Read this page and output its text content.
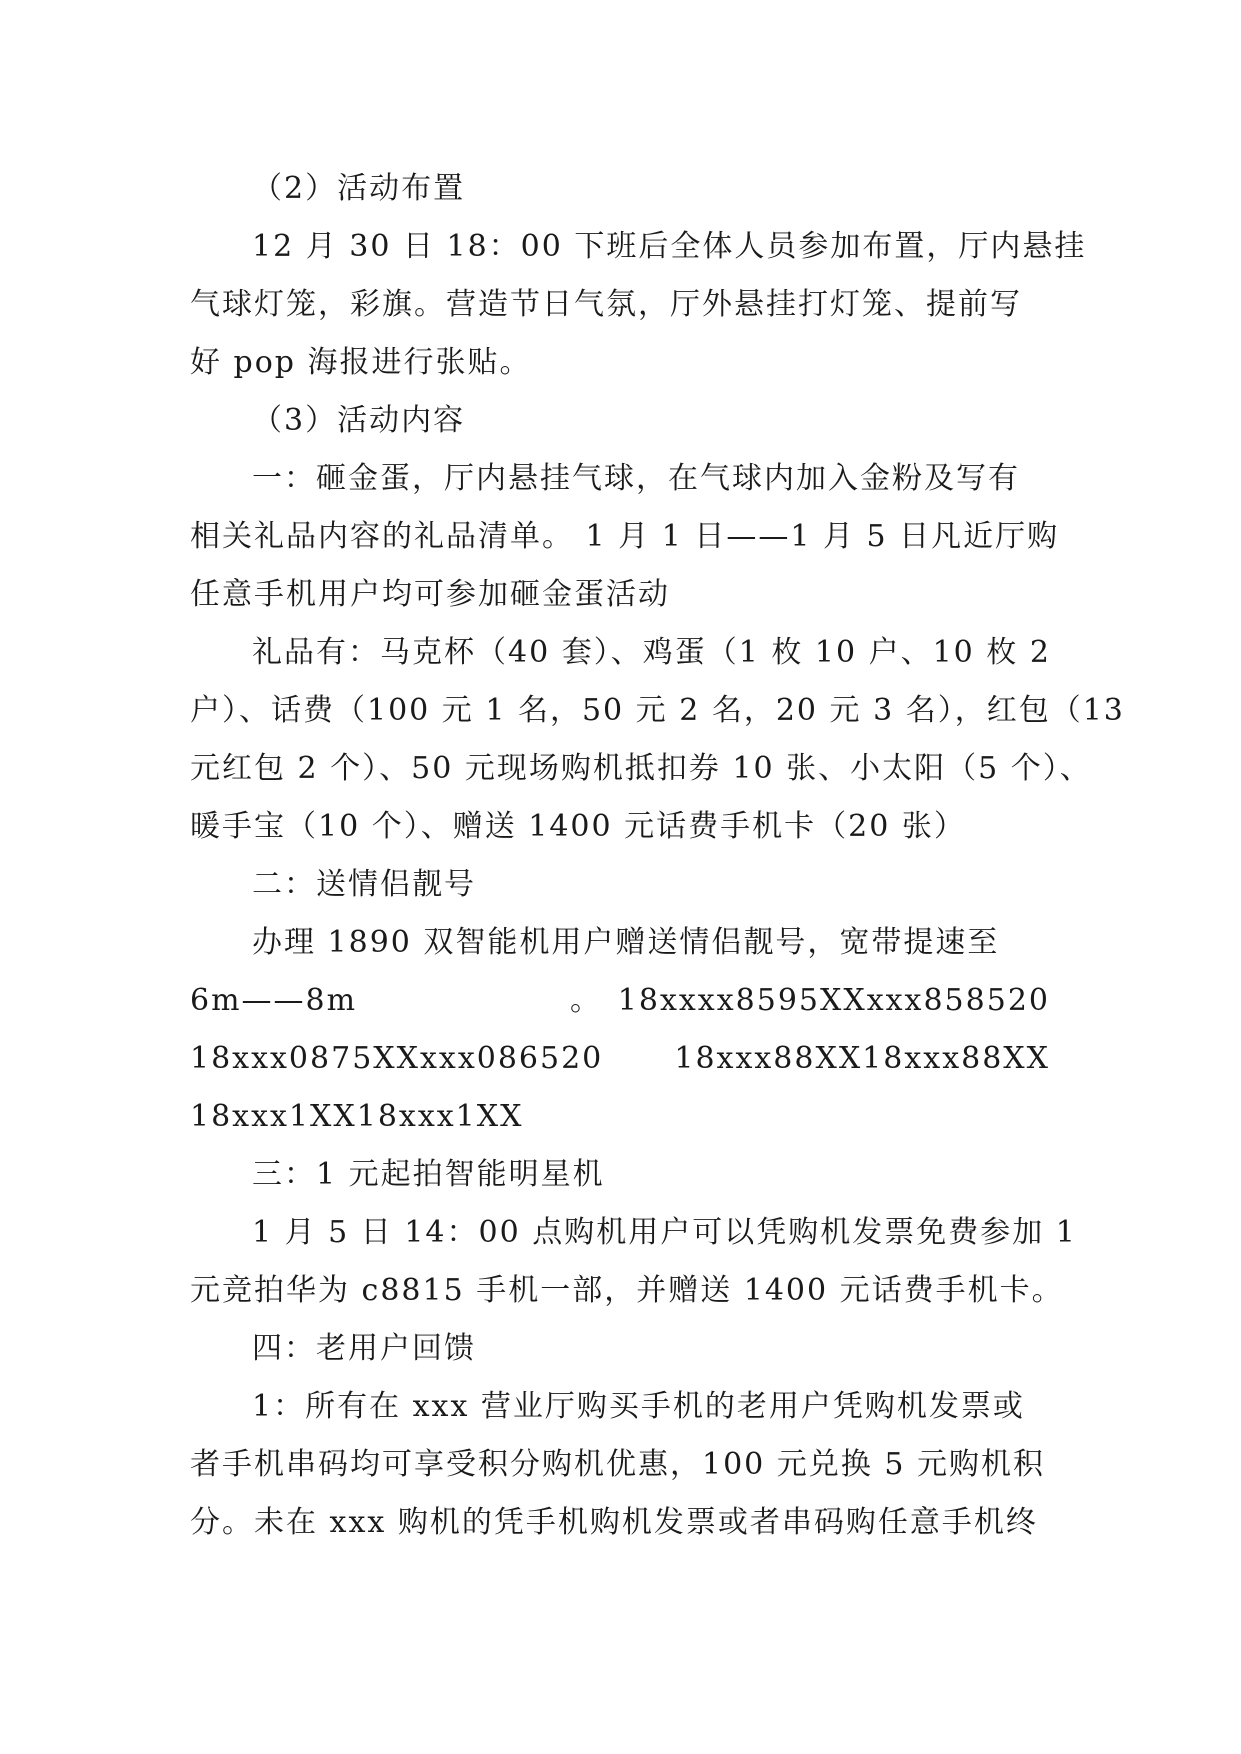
（2）活动布置
12 月 30 日 18：00 下班后全体人员参加布置，厅内悬挂
气球灯笼，彩旗。营造节日气氛，厅外悬挂打灯笼、提前写
好 pop 海报进行张贴。
（3）活动内容
一：砸金蛋，厅内悬挂气球，在气球内加入金粉及写有
相关礼品内容的礼品清单。 1 月 1 日——1 月 5 日凡近厅购
任意手机用户均可参加砸金蛋活动
礼品有：马克杯（40 套）、鸡蛋（1 枚 10 户、10 枚 2
户）、话费（100 元 1 名，50 元 2 名，20 元 3 名），红包（13
元红包 2 个）、50 元现场购机抵扣券 10 张、小太阳（5 个）、
暖手宝（10 个）、赠送 1400 元话费手机卡（20 张）
二：送情侣靓号
办理 1890 双智能机用户赠送情侣靓号，宽带提速至
6m——8m	。 18xxxx8595XXxxx858520
18xxx0875XXxxx086520 18xxx88XX18xxx88XX
18xxx1XX18xxx1XX
三：1 元起拍智能明星机
1 月 5 日 14：00 点购机用户可以凭购机发票免费参加 1
元竞拍华为 c8815 手机一部，并赠送 1400 元话费手机卡。
四：老用户回馈
1：所有在 xxx 营业厅购买手机的老用户凭购机发票或
者手机串码均可享受积分购机优惠，100 元兑换 5 元购机积
分。未在 xxx 购机的凭手机购机发票或者串码购任意手机终
